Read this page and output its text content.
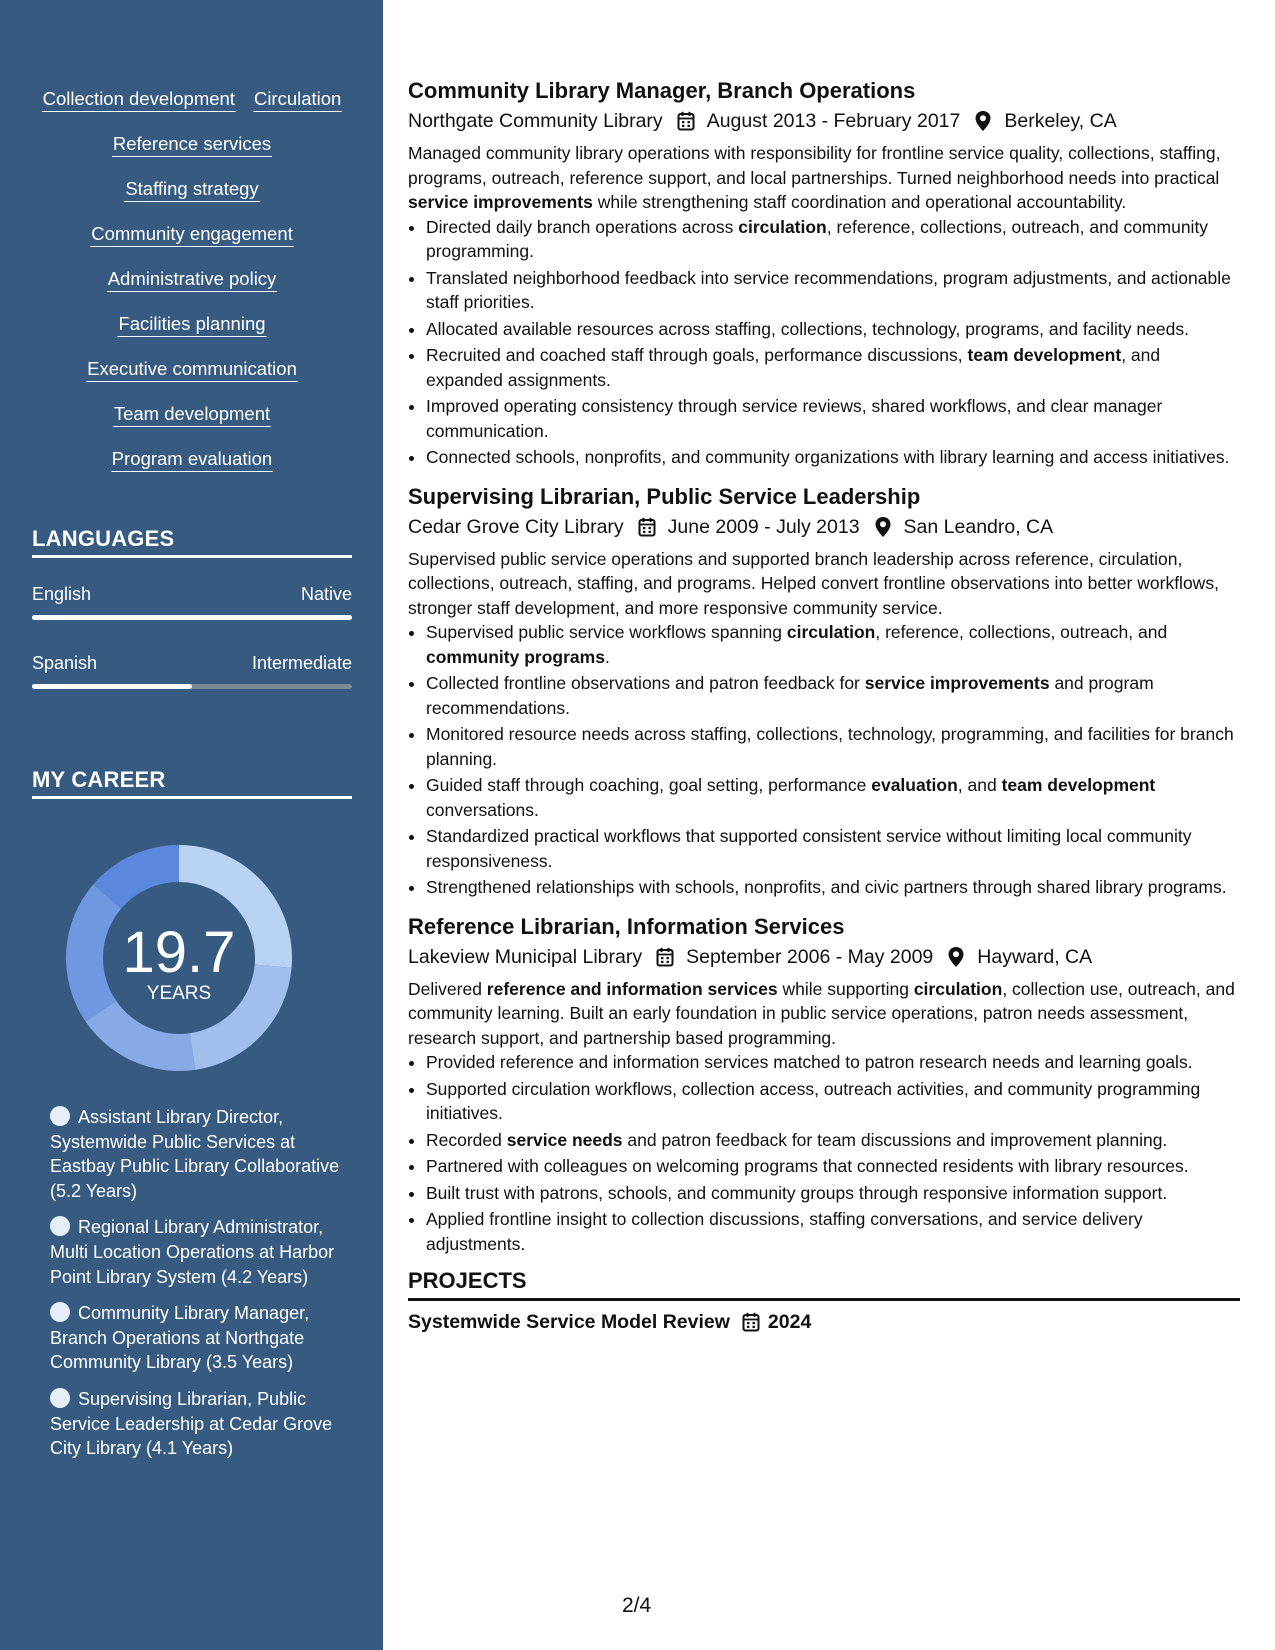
Collection development Circulation
Reference services
Staffing strategy
Community engagement
Administrative policy
Facilities planning
Executive communication
Team development
Program evaluation
LANGUAGES
English	Native
Spanish	Intermediate
MY CAREER
19.7
YEARS
Assistant Library Director, Systemwide Public Services at Eastbay Public Library Collaborative (5.2 Years)
Regional Library Administrator, Multi Location Operations at Harbor Point Library System (4.2 Years)
Community Library Manager, Branch Operations at Northgate Community Library (3.5 Years)
Supervising Librarian, Public Service Leadership at Cedar Grove City Library (4.1 Years)
Community Library Manager, Branch Operations
Northgate Community Library August 2013 - February 2017 Berkeley, CA
Managed community library operations with responsibility for frontline service quality, collections, staffing, programs, outreach, reference support, and local partnerships. Turned neighborhood needs into practical service improvements while strengthening staff coordination and operational accountability.
• Directed daily branch operations across circulation, reference, collections, outreach, and community programming.
• Translated neighborhood feedback into service recommendations, program adjustments, and actionable staff priorities.
• Allocated available resources across staffing, collections, technology, programs, and facility needs.
• Recruited and coached staff through goals, performance discussions, team development, and expanded assignments.
• Improved operating consistency through service reviews, shared workflows, and clear manager communication.
• Connected schools, nonprofits, and community organizations with library learning and access initiatives.
Supervising Librarian, Public Service Leadership
Cedar Grove City Library June 2009 - July 2013 San Leandro, CA
Supervised public service operations and supported branch leadership across reference, circulation, collections, outreach, staffing, and programs. Helped convert frontline observations into better workflows, stronger staff development, and more responsive community service.
• Supervised public service workflows spanning circulation, reference, collections, outreach, and community programs.
• Collected frontline observations and patron feedback for service improvements and program recommendations.
• Monitored resource needs across staffing, collections, technology, programming, and facilities for branch planning.
• Guided staff through coaching, goal setting, performance evaluation, and team development conversations.
• Standardized practical workflows that supported consistent service without limiting local community responsiveness.
• Strengthened relationships with schools, nonprofits, and civic partners through shared library programs.
Reference Librarian, Information Services
Lakeview Municipal Library September 2006 - May 2009 Hayward, CA
Delivered reference and information services while supporting circulation, collection use, outreach, and community learning. Built an early foundation in public service operations, patron needs assessment, research support, and partnership based programming.
• Provided reference and information services matched to patron research needs and learning goals.
• Supported circulation workflows, collection access, outreach activities, and community programming initiatives.
• Recorded service needs and patron feedback for team discussions and improvement planning.
• Partnered with colleagues on welcoming programs that connected residents with library resources.
• Built trust with patrons, schools, and community groups through responsive information support.
• Applied frontline insight to collection discussions, staffing conversations, and service delivery adjustments.
PROJECTS
Systemwide Service Model Review 2024
2/4
